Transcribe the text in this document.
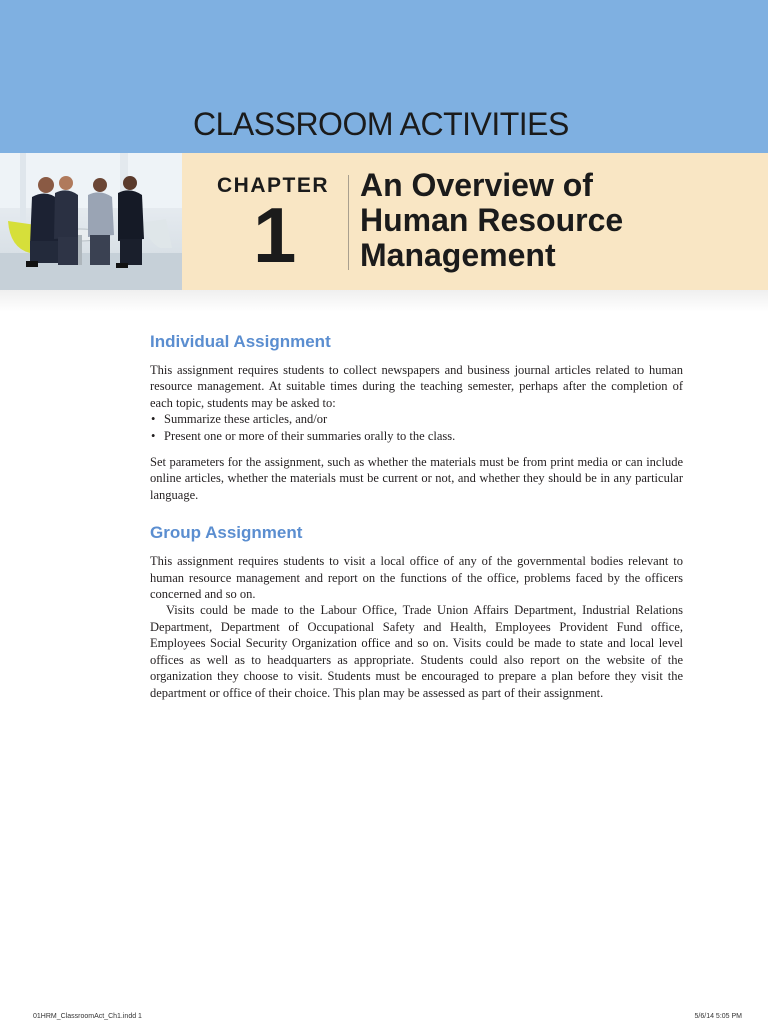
CLASSROOM ACTIVITIES
CHAPTER
1
An Overview of
Human Resource
Management
Individual Assignment

This assignment requires students to collect newspapers and business journal articles related to human resource management. At suitable times during the teaching semester, perhaps after the completion of each topic, students may be asked to:

• Summarize these articles, and/or
• Present one or more of their summaries orally to the class.

Set parameters for the assignment, such as whether the materials must be from print media or can include online articles, whether the materials must be current or not, and whether they should be in any particular language.

Group Assignment

This assignment requires students to visit a local office of any of the governmental bodies relevant to human resource management and report on the functions of the office, problems faced by the officers concerned and so on.

Visits could be made to the Labour Office, Trade Union Affairs Department, Industrial Relations Department, Department of Occupational Safety and Health, Employees Provident Fund office, Employees Social Security Organization office and so on. Visits could be made to state and local level offices as well as to headquarters as appropriate. Students could also report on the website of the organization they choose to visit. Students must be encouraged to prepare a plan before they visit the department or office of their choice. This plan may be assessed as part of their assignment.

01HRM_ClassroomAct_Ch1.indd 1	5/6/14 5:05 PM
